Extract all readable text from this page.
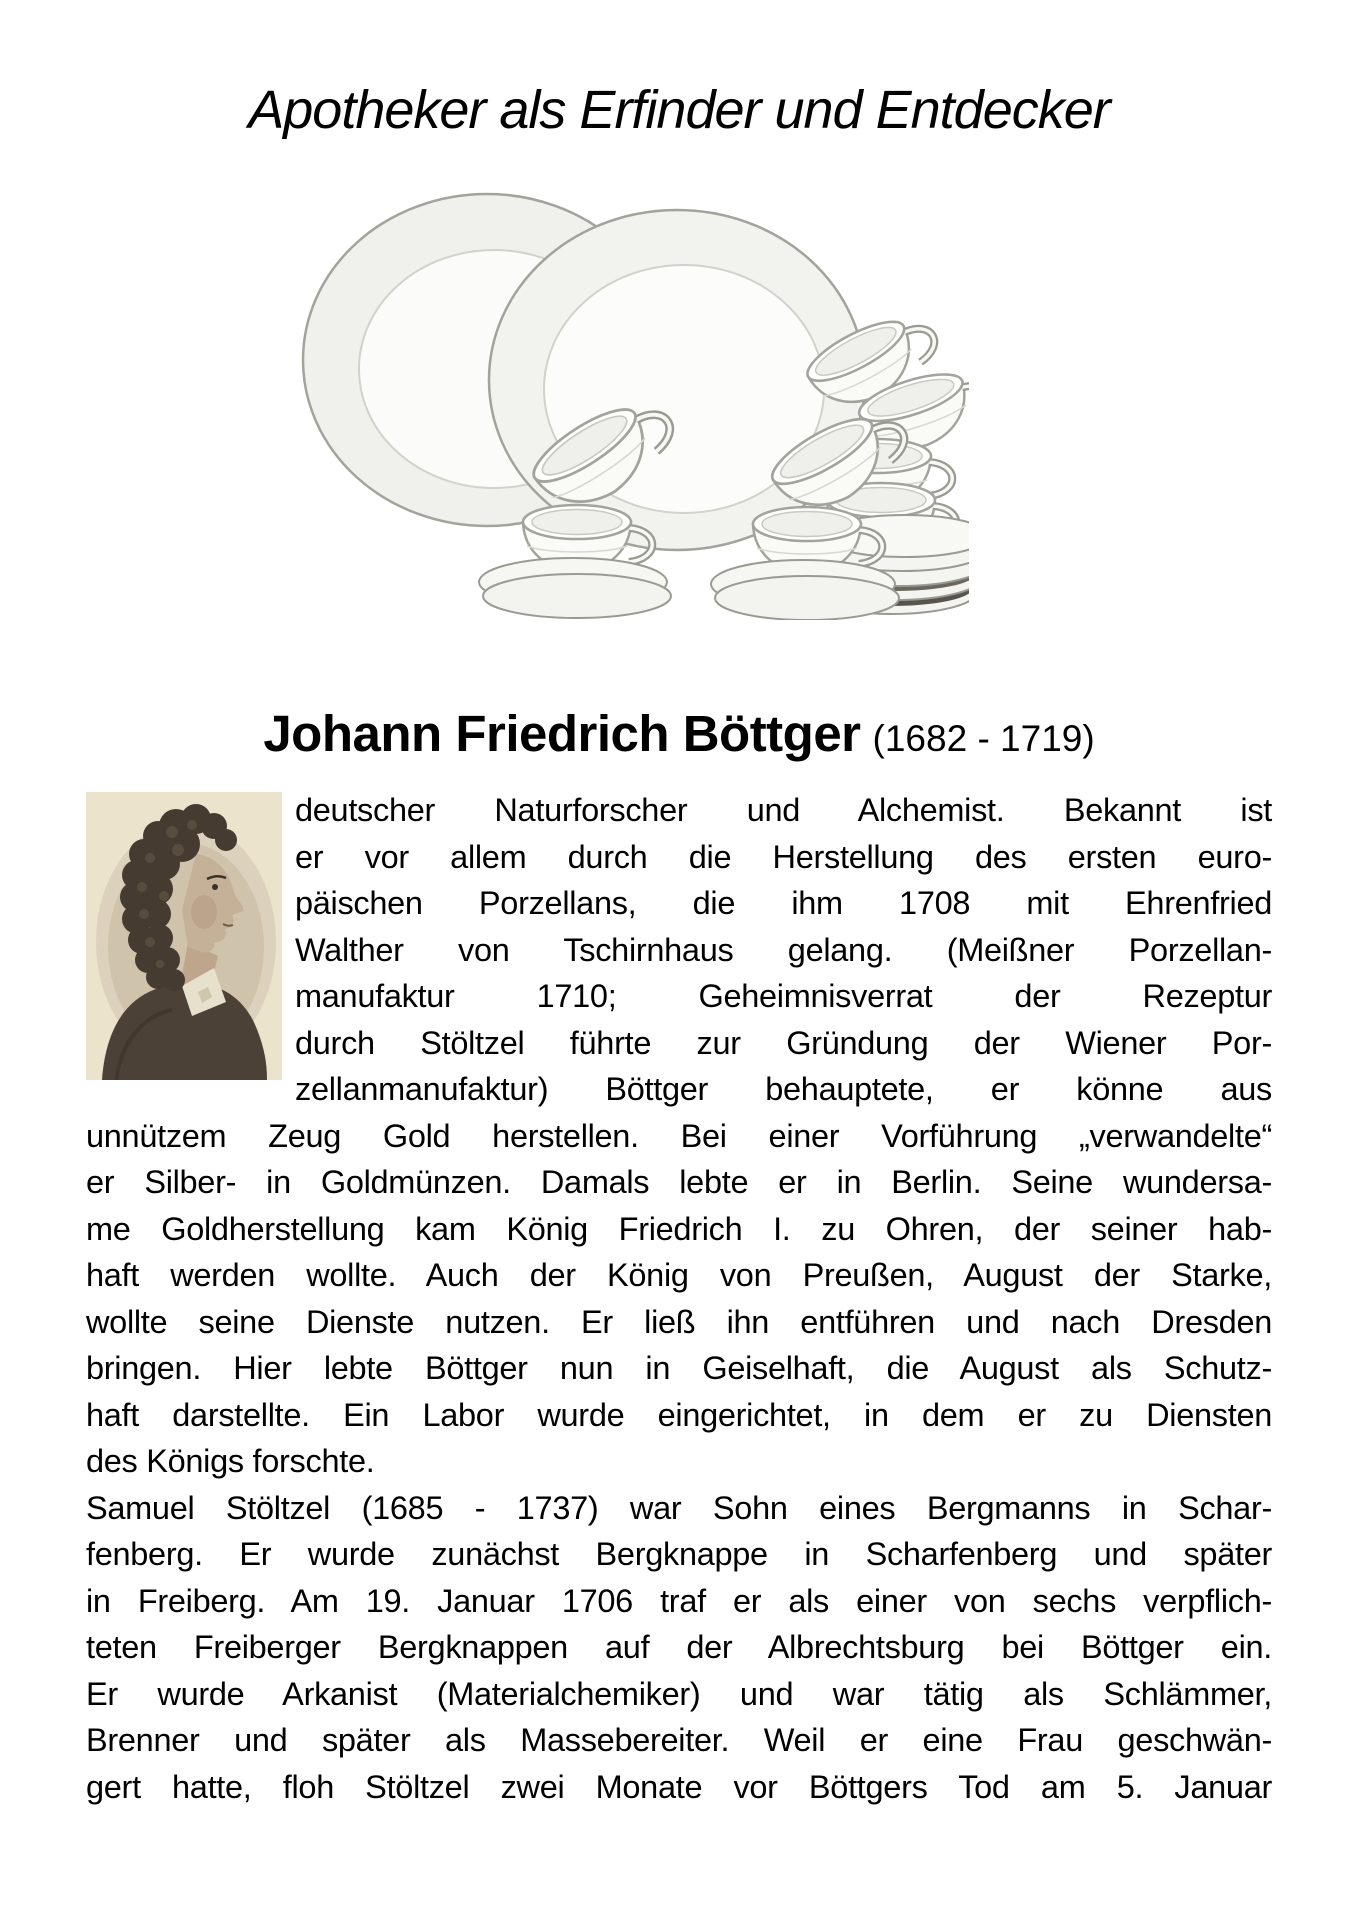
Apotheker als Erfinder und Entdecker
Johann Friedrich Böttger (1682 - 1719)
deutscher Naturforscher und Alchemist. Bekannt ist
er vor allem durch die Herstellung des ersten euro-
päischen Porzellans, die ihm 1708 mit Ehrenfried
Walther von Tschirnhaus gelang. (Meißner Porzellan-
manufaktur 1710; Geheimnisverrat der Rezeptur
durch Stöltzel führte zur Gründung der Wiener Por-
zellanmanufaktur) Böttger behauptete, er könne aus
unnützem Zeug Gold herstellen. Bei einer Vorführung „verwandelte“
er Silber- in Goldmünzen. Damals lebte er in Berlin. Seine wundersa-
me Goldherstellung kam König Friedrich I. zu Ohren, der seiner hab-
haft werden wollte. Auch der König von Preußen, August der Starke,
wollte seine Dienste nutzen. Er ließ ihn entführen und nach Dresden
bringen. Hier lebte Böttger nun in Geiselhaft, die August als Schutz-
haft darstellte. Ein Labor wurde eingerichtet, in dem er zu Diensten
des Königs forschte.
Samuel Stöltzel (1685 - 1737) war Sohn eines Bergmanns in Schar-
fenberg. Er wurde zunächst Bergknappe in Scharfenberg und später
in Freiberg. Am 19. Januar 1706 traf er als einer von sechs verpflich-
teten Freiberger Bergknappen auf der Albrechtsburg bei Böttger ein.
Er wurde Arkanist (Materialchemiker) und war tätig als Schlämmer,
Brenner und später als Massebereiter. Weil er eine Frau geschwän-
gert hatte, floh Stöltzel zwei Monate vor Böttgers Tod am 5. Januar
